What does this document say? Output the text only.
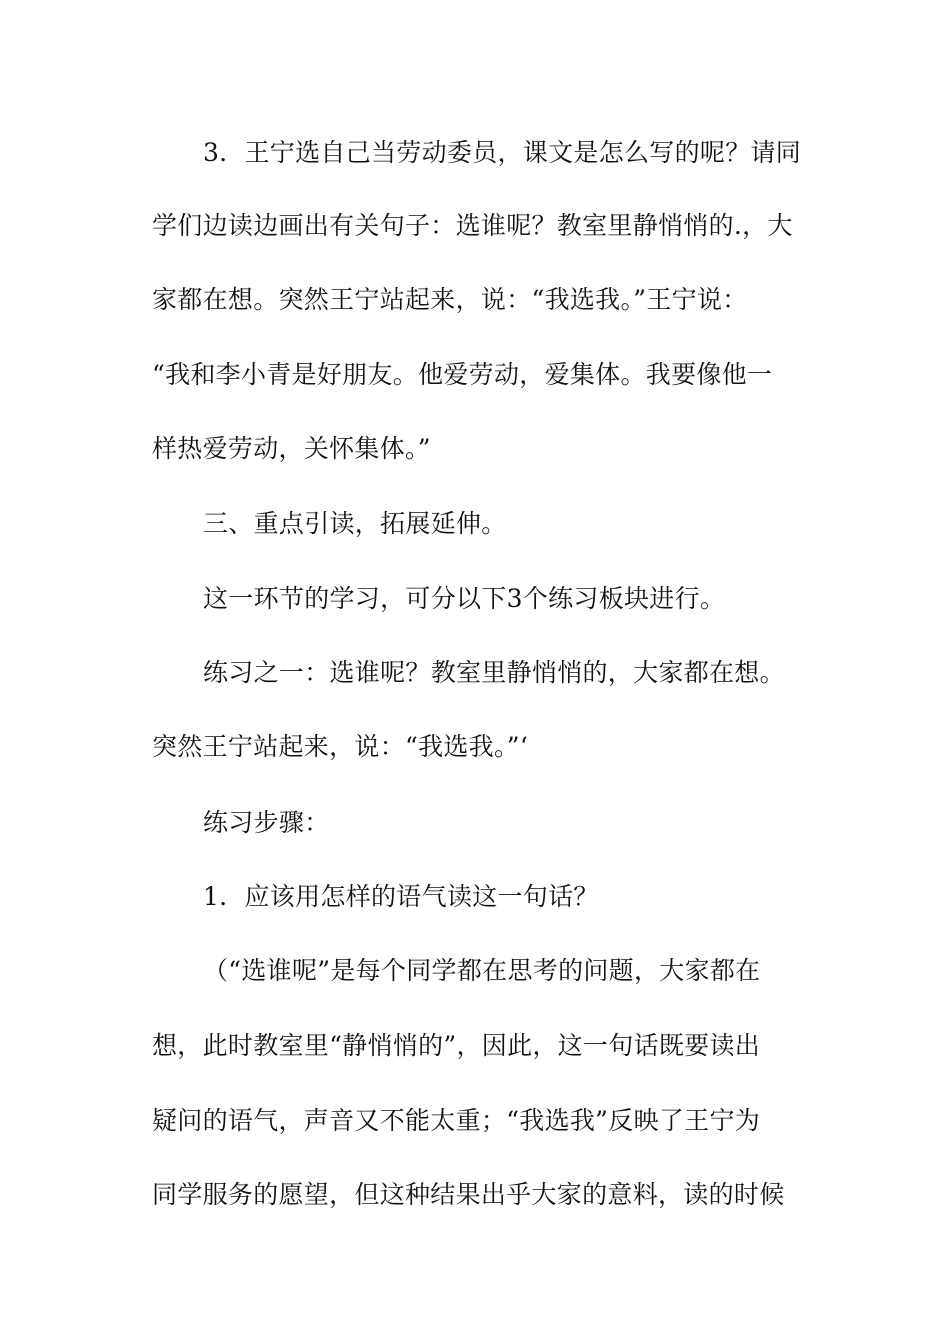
3．王宁选自己当劳动委员，课文是怎么写的呢？请同
学们边读边画出有关句子：选谁呢？教室里静悄悄的.，大
家都在想。突然王宁站起来，说：“我选我。”王宁说：
“我和李小青是好朋友。他爱劳动，爱集体。我要像他一
样热爱劳动，关怀集体。”
三、重点引读，拓展延伸。
这一环节的学习，可分以下3个练习板块进行。
练习之一：选谁呢？教室里静悄悄的，大家都在想。
突然王宁站起来，说：“我选我。”‘
练习步骤：
1．应该用怎样的语气读这一句话？
（“选谁呢”是每个同学都在思考的问题，大家都在
想，此时教室里“静悄悄的”，因此，这一句话既要读出
疑问的语气，声音又不能太重；“我选我”反映了王宁为
同学服务的愿望，但这种结果出乎大家的意料，读的时候
